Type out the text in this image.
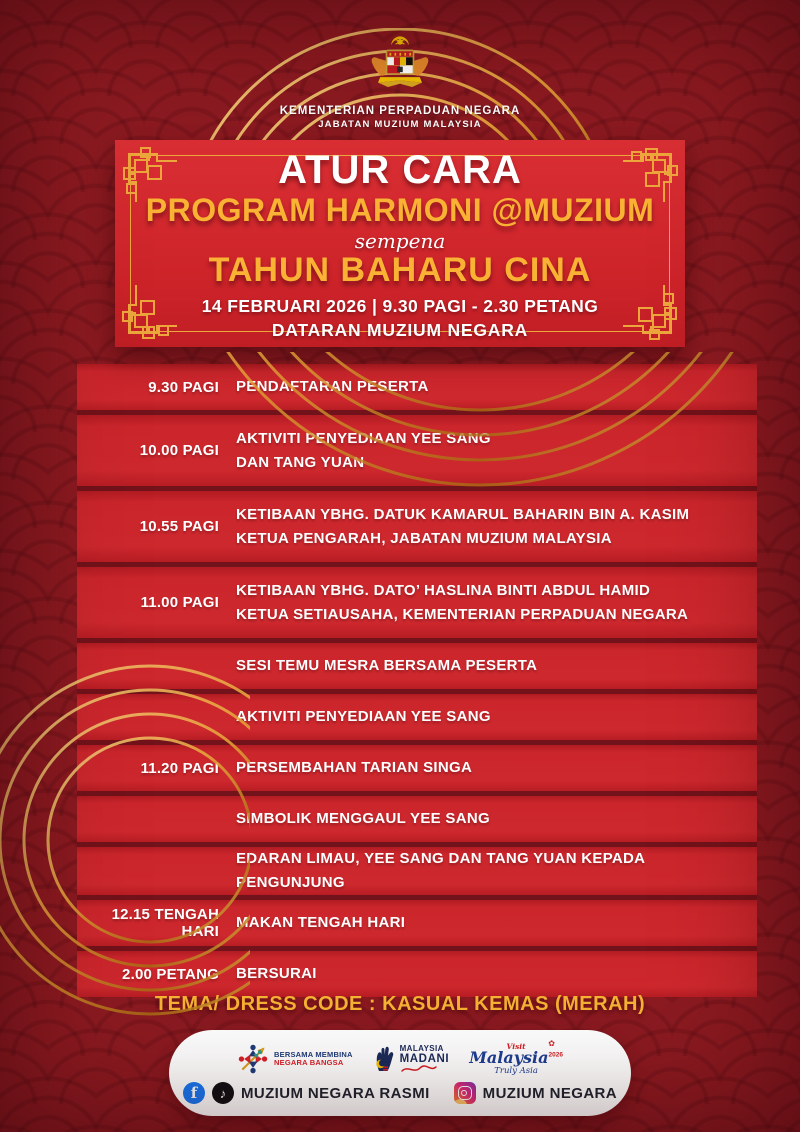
KEMENTERIAN PERPADUAN NEGARA
JABATAN MUZIUM MALAYSIA
ATUR CARA
PROGRAM HARMONI @MUZIUM
sempena
TAHUN BAHARU CINA
14 FEBRUARI 2026 | 9.30 PAGI - 2.30 PETANG
DATARAN MUZIUM NEGARA
9.30 PAGI PENDAFTARAN PESERTA
10.00 PAGI
AKTIVITI PENYEDIAAN YEE SANG
DAN TANG YUAN
10.55 PAGI
KETIBAAN YBHG. DATUK KAMARUL BAHARIN BIN A. KASIM
KETUA PENGARAH, JABATAN MUZIUM MALAYSIA
11.00 PAGI
KETIBAAN YBHG. DATO’ HASLINA BINTI ABDUL HAMID
KETUA SETIAUSAHA, KEMENTERIAN PERPADUAN NEGARA
SESI TEMU MESRA BERSAMA PESERTA
AKTIVITI PENYEDIAAN YEE SANG
11.20 PAGI PERSEMBAHAN TARIAN SINGA
SIMBOLIK MENGGAUL YEE SANG
EDARAN LIMAU, YEE SANG DAN TANG YUAN KEPADA PENGUNJUNG
12.15 TENGAH HARI
MAKAN TENGAH HARI
2.00 PETANG BERSURAI
TEMA/ DRESS CODE : KASUAL KEMAS (MERAH)
BERSAMA MEMBINA
NEGARA BANGSA
MALAYSIA
MADANI
✿
Visit
Malaysia$^{2026}$
Truly Asia
f	♪ MUZIUM NEGARA RASMI	MUZIUM NEGARA
